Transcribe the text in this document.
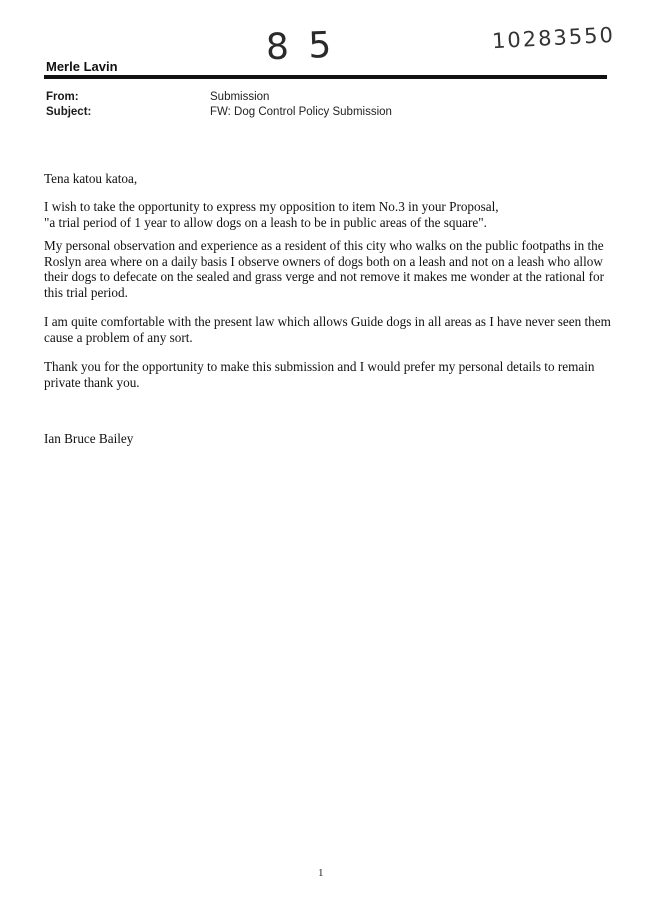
8 5	10283550
Merle Lavin
From:	Submission
Subject:	FW: Dog Control Policy Submission

Tena katou katoa,

I wish to take the opportunity to express my opposition to item No.3 in your Proposal,
"a trial period of 1 year to allow dogs on a leash to be in public areas of the square".

My personal observation and experience as a resident of this city who walks on the public footpaths in the
Roslyn area where on a daily basis I observe owners of dogs both on a leash and not on a leash who allow
their dogs to defecate on the sealed and grass verge and not remove it makes me wonder at the rational for
this trial period.

I am quite comfortable with the present law which allows Guide dogs in all areas as I have never seen them
cause a problem of any sort.

Thank you for the opportunity to make this submission and I would prefer my personal details to remain
private thank you.

Ian Bruce Bailey

1
